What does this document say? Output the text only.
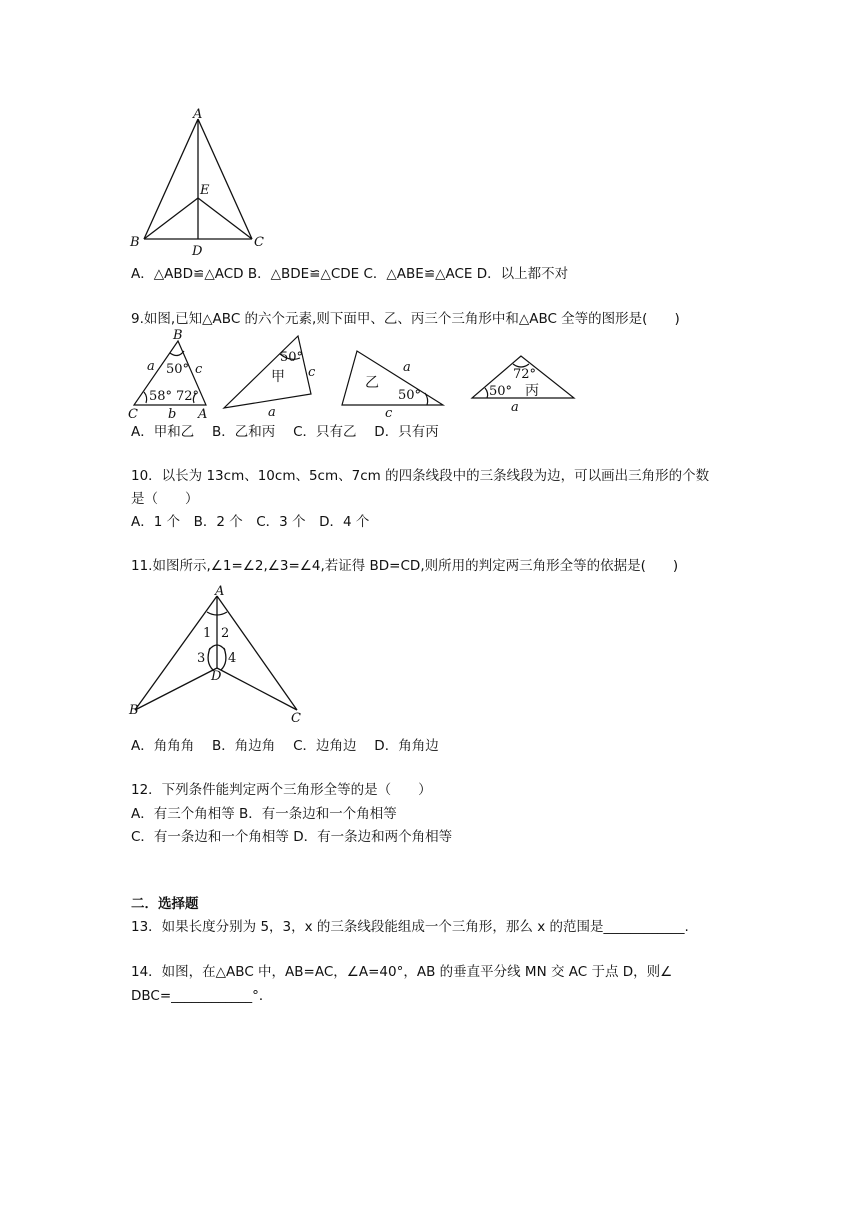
A
E
B
D
C
A．△ABD≌△ACD B．△BDE≌△CDE C．△ABE≌△ACE D．以上都不对
9.如图,已知△ABC 的六个元素,则下面甲、乙、丙三个三角形中和△ABC 全等的图形是(　　)
B
a	c
50°
58° 72°
C b A
50°
甲 c
a
乙
a
50°
c
72°
50° 丙
a
A．甲和乙　 B．乙和丙　 C．只有乙　 D．只有丙
10．以长为 13cm、10cm、5cm、7cm 的四条线段中的三条线段为边，可以画出三角形的个数
是（　　）
A．1 个　B．2 个　C．3 个　D．4 个
11.如图所示,∠1=∠2,∠3=∠4,若证得 BD=CD,则所用的判定两三角形全等的依据是(　　)
A
1 2
3 4
D
B
C
A．角角角　 B．角边角　 C．边角边　 D．角角边
12．下列条件能判定两个三角形全等的是（　　）
A．有三个角相等 B．有一条边和一个角相等
C．有一条边和一个角相等 D．有一条边和两个角相等
二．选择题
13．如果长度分别为 5，3，x 的三条线段能组成一个三角形，那么 x 的范围是____________.
14．如图，在△ABC 中，AB=AC，∠A=40°，AB 的垂直平分线 MN 交 AC 于点 D，则∠
DBC=____________°．
